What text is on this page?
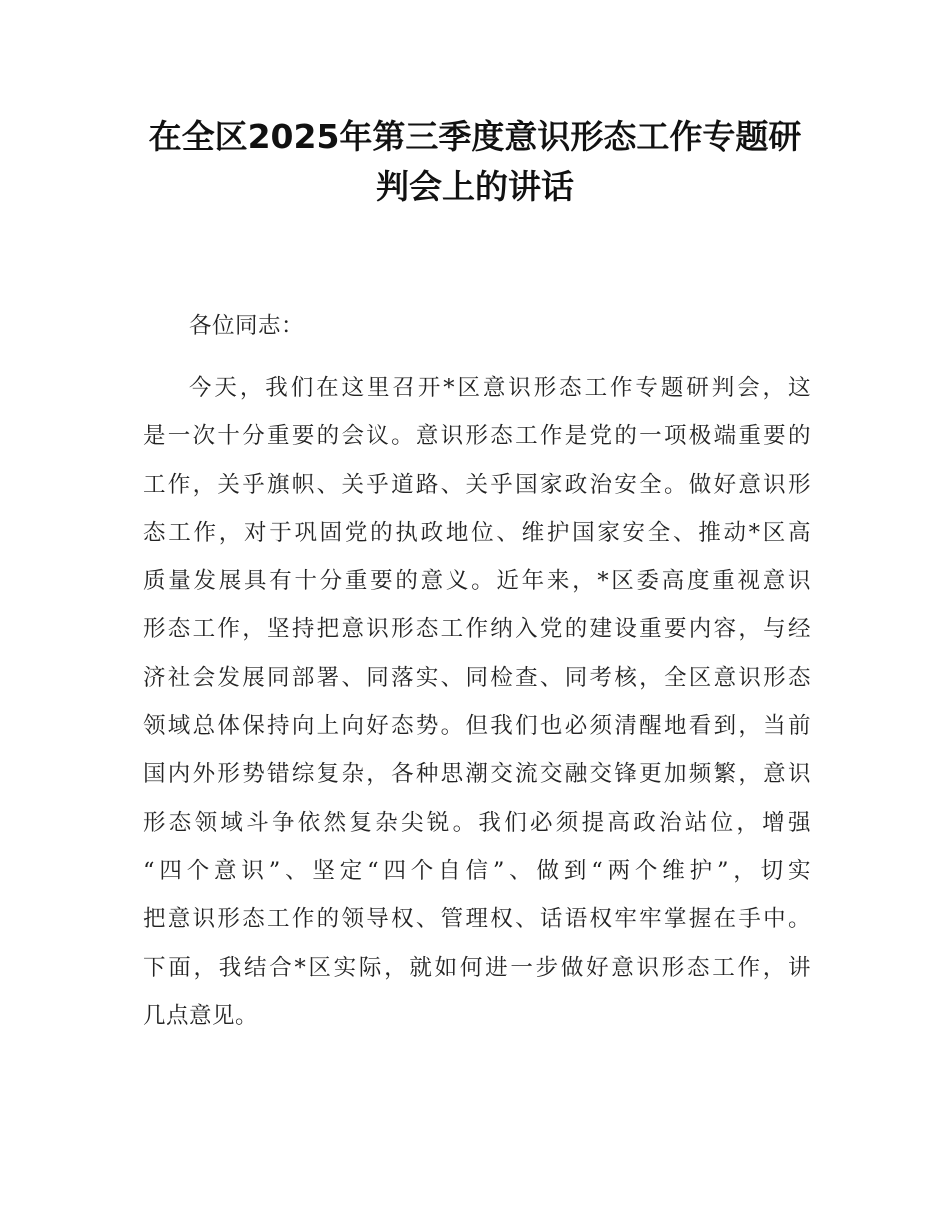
在全区2025年第三季度意识形态工作专题研
判会上的讲话
各位同志：
今天，我们在这里召开*区意识形态工作专题研判会，这
是一次十分重要的会议。意识形态工作是党的一项极端重要的
工作，关乎旗帜、关乎道路、关乎国家政治安全。做好意识形
态工作，对于巩固党的执政地位、维护国家安全、推动*区高
质量发展具有十分重要的意义。近年来，*区委高度重视意识
形态工作，坚持把意识形态工作纳入党的建设重要内容，与经
济社会发展同部署、同落实、同检查、同考核，全区意识形态
领域总体保持向上向好态势。但我们也必须清醒地看到，当前
国内外形势错综复杂，各种思潮交流交融交锋更加频繁，意识
形态领域斗争依然复杂尖锐。我们必须提高政治站位，增强
“四个意识”、坚定“四个自信”、做到“两个维护”，切实
把意识形态工作的领导权、管理权、话语权牢牢掌握在手中。
下面，我结合*区实际，就如何进一步做好意识形态工作，讲
几点意见。
